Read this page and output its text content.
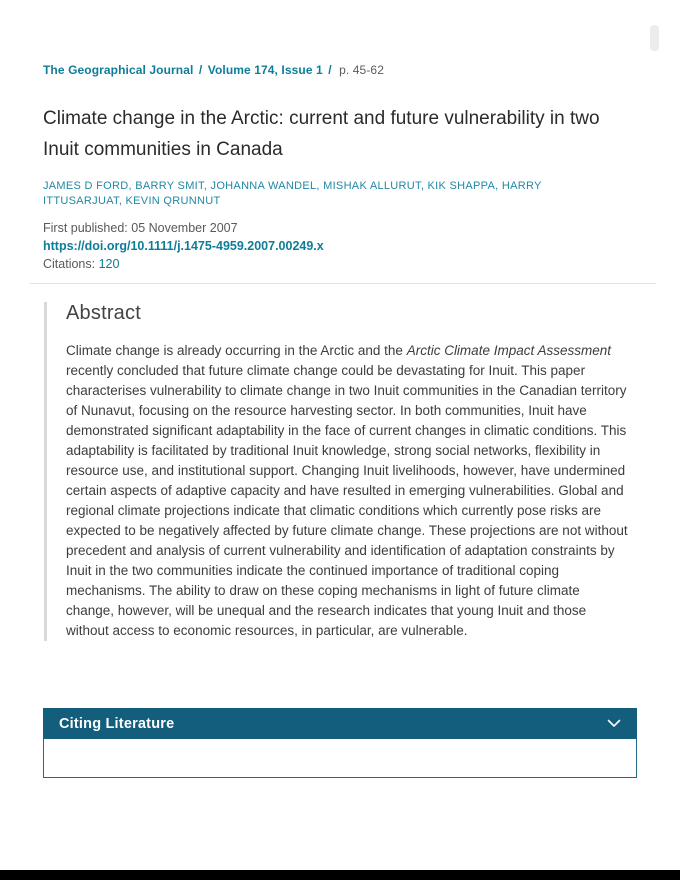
The Geographical Journal / Volume 174, Issue 1 / p. 45-62
Climate change in the Arctic: current and future vulnerability in two Inuit communities in Canada
JAMES D FORD, BARRY SMIT, JOHANNA WANDEL, MISHAK ALLURUT, KIK SHAPPA, HARRY ITTUSARJUAT, KEVIN QRUNNUT
First published: 05 November 2007
https://doi.org/10.1111/j.1475-4959.2007.00249.x
Citations: 120
Abstract

Climate change is already occurring in the Arctic and the Arctic Climate Impact Assessment recently concluded that future climate change could be devastating for Inuit. This paper characterises vulnerability to climate change in two Inuit communities in the Canadian territory of Nunavut, focusing on the resource harvesting sector. In both communities, Inuit have demonstrated significant adaptability in the face of current changes in climatic conditions. This adaptability is facilitated by traditional Inuit knowledge, strong social networks, flexibility in resource use, and institutional support. Changing Inuit livelihoods, however, have undermined certain aspects of adaptive capacity and have resulted in emerging vulnerabilities. Global and regional climate projections indicate that climatic conditions which currently pose risks are expected to be negatively affected by future climate change. These projections are not without precedent and analysis of current vulnerability and identification of adaptation constraints by Inuit in the two communities indicate the continued importance of traditional coping mechanisms. The ability to draw on these coping mechanisms in light of future climate change, however, will be unequal and the research indicates that young Inuit and those without access to economic resources, in particular, are vulnerable.

Citing Literature
